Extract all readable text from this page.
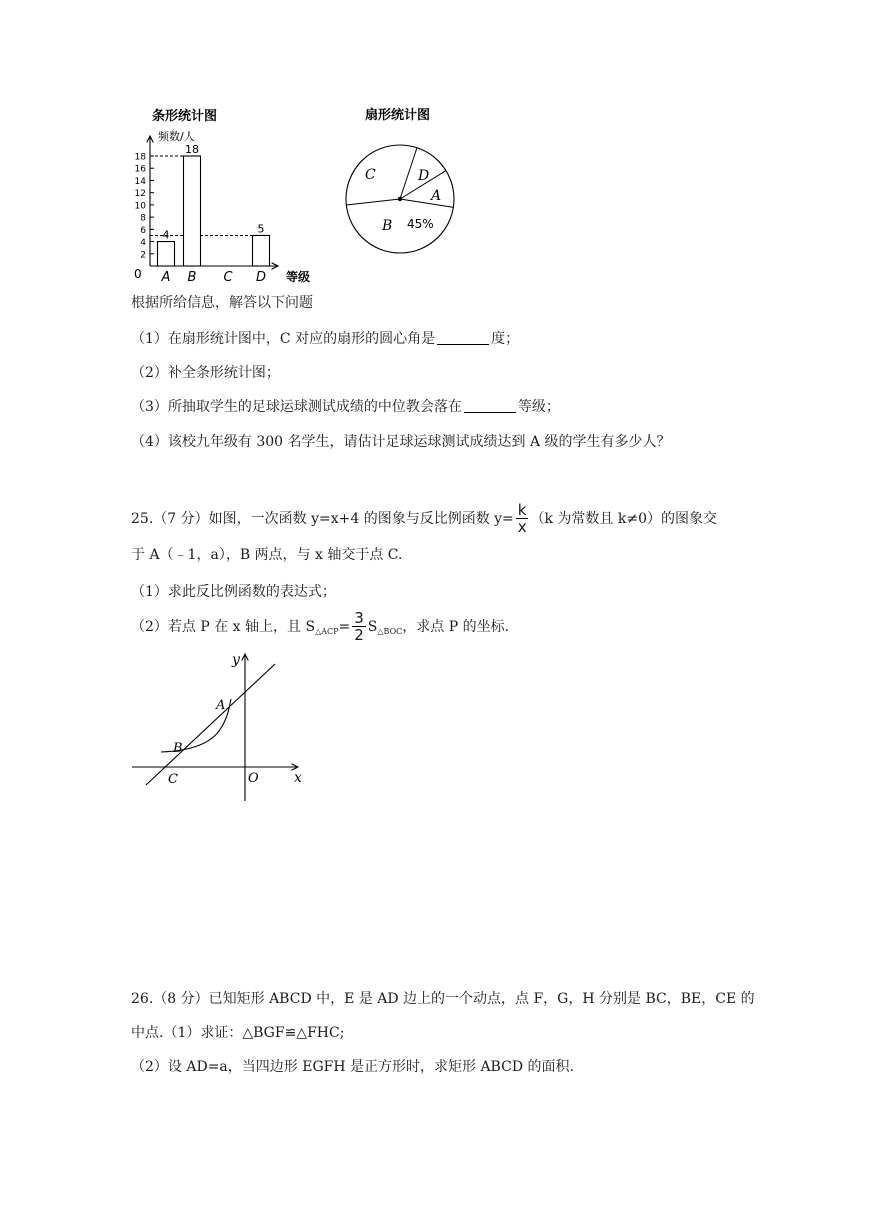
条形统计图
频数/人
0	等级
2
4
6
8
10
12
14
16
18
4
18
5
A B C D
扇形统计图
C	D
A
B 45%
根据所给信息，解答以下问题
（1）在扇形统计图中，C 对应的扇形的圆心角是	度；
（2）补全条形统计图；
（3）所抽取学生的足球运球测试成绩的中位教会落在	等级；
（4）该校九年级有 300 名学生，请估计足球运球测试成绩达到 A 级的学生有多少人？
25.（7 分）如图，一次函数 y=x+4 的图象与反比例函数 $y= \frac{k}{x} (k$ 为常数且 k≠0）的图象交
于 A（﹣1，a），B 两点，与 x 轴交于点 C.
（1）求此反比例函数的表达式；
（2）若点 P 在 x 轴上，且 $S_{\triangle ACP}= \frac{3}{2} S_{\triangle BOC}$，求点 P 的坐标.
y
x
O
A
B
C
26.（8 分）已知矩形 ABCD 中，E 是 AD 边上的一个动点，点 F，G，H 分别是 BC，BE，CE 的
中点.（1）求证：△BGF≌△FHC;
（2）设 AD=a，当四边形 EGFH 是正方形时，求矩形 ABCD 的面积.
